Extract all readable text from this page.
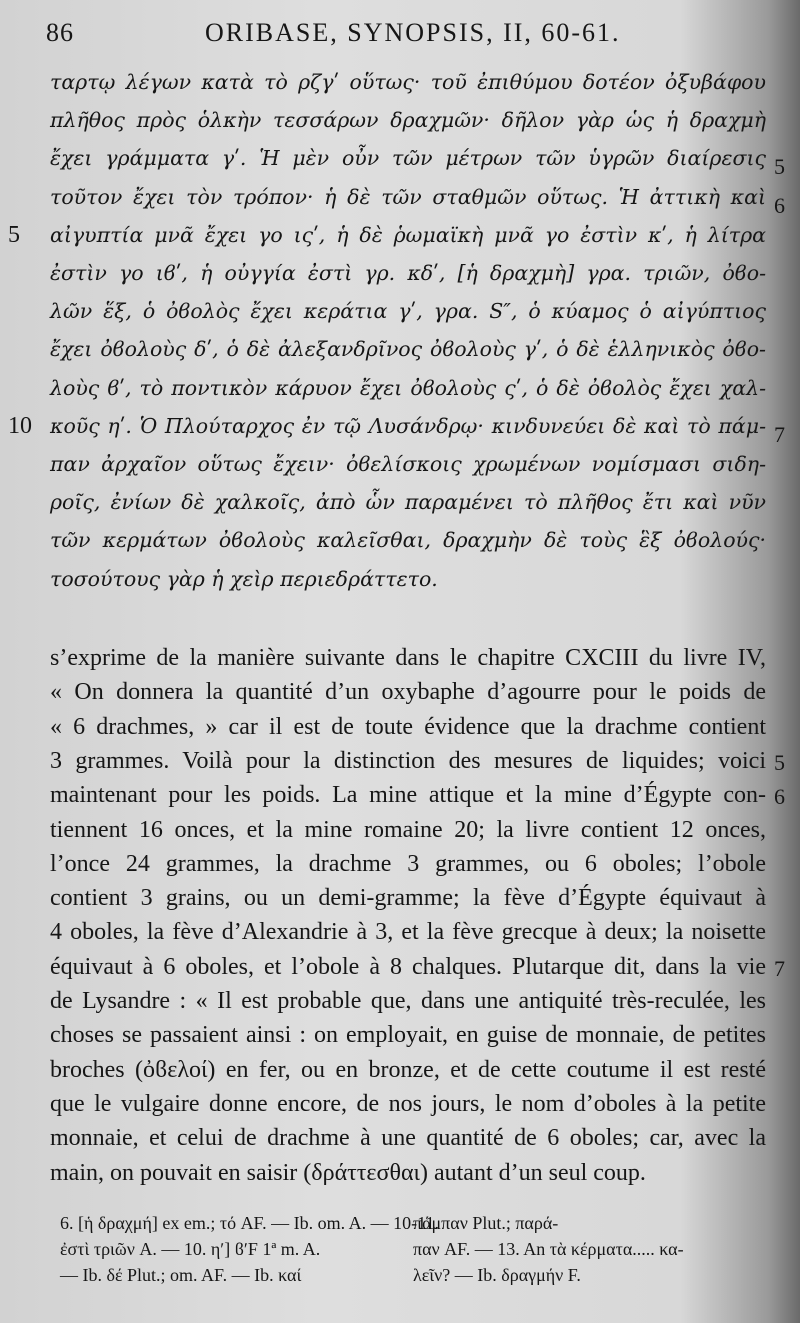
86	ORIBASE, SYNOPSIS, II, 60-61.
ταρτῳ λέγων κατὰ τὸ ρζγʹ οὕτως· τοῦ ἐπιθύμου δοτέον ὀξυβάφου
πλῆθος πρὸς ὁλκὴν τεσσάρων δραχμῶν· δῆλον γὰρ ὡς ἡ δραχμὴ
ἔχει γράμματα γʹ. Ἡ μὲν οὖν τῶν μέτρων τῶν ὑγρῶν διαίρεσις 5
τοῦτον ἔχει τὸν τρόπον· ἡ δὲ τῶν σταθμῶν οὕτως. Ἡ ἀττικὴ καὶ 6
αἰγυπτία μνᾶ ἔχει γο ιςʹ, ἡ δὲ ῥωμαϊκὴ μνᾶ γο ἐστὶν κʹ, ἡ λίτρα
5
ἐστὶν γο ιϐʹ, ἡ οὐγγία ἐστὶ γρ. κδʹ, [ἡ δραχμὴ] γρα. τριῶν, ὀϐο-
λῶν ἕξ, ὁ ὀϐολὸς ἔχει κεράτια γʹ, γρα. S″, ὁ κύαμος ὁ αἰγύπτιος
ἔχει ὀϐολοὺς δʹ, ὁ δὲ ἀλεξανδρῖνος ὀϐολοὺς γʹ, ὁ δὲ ἑλληνικὸς ὀϐο-
λοὺς ϐʹ, τὸ ποντικὸν κάρυον ἔχει ὀϐολοὺς ςʹ, ὁ δὲ ὀϐολὸς ἔχει χαλ-
κοῦς ηʹ. Ὁ Πλούταρχος ἐν τῷ Λυσάνδρῳ· κινδυνεύει δὲ καὶ τὸ πάμ-
10	7
παν ἀρχαῖον οὕτως ἔχειν· ὀϐελίσκοις χρωμένων νομίσμασι σιδη-
ροῖς, ἐνίων δὲ χαλκοῖς, ἀπὸ ὧν παραμένει τὸ πλῆθος ἔτι καὶ νῦν
τῶν κερμάτων ὀϐολοὺς καλεῖσθαι, δραχμὴν δὲ τοὺς ἓξ ὀϐολούς·
τοσούτους γὰρ ἡ χεὶρ περιεδράττετο.
s’exprime de la manière suivante dans le chapitre CXCIII du livre IV,
« On donnera la quantité d’un oxybaphe d’agourre pour le poids de
« 6 drachmes, » car il est de toute évidence que la drachme contient
3 grammes. Voilà pour la distinction des mesures de liquides; voici 5
maintenant pour les poids. La mine attique et la mine d’Égypte con- 6
tiennent 16 onces, et la mine romaine 20; la livre contient 12 onces,
l’once 24 grammes, la drachme 3 grammes, ou 6 oboles; l’obole
contient 3 grains, ou un demi-gramme; la fève d’Égypte équivaut à
4 oboles, la fève d’Alexandrie à 3, et la fève grecque à deux; la noisette
équivaut à 6 oboles, et l’obole à 8 chalques. Plutarque dit, dans la vie 7
de Lysandre : « Il est probable que, dans une antiquité très-reculée, les
choses se passaient ainsi : on employait, en guise de monnaie, de petites
broches (ὀϐελοί) en fer, ou en bronze, et de cette coutume il est resté
que le vulgaire donne encore, de nos jours, le nom d’oboles à la petite
monnaie, et celui de drachme à une quantité de 6 oboles; car, avec la
main, on pouvait en saisir (δράττεσθαι) autant d’un seul coup.
6. [ἡ δραχμή] ex em.; τό AF. — Ib. om. A. — 10-11.
πάμπαν Plut.; παρά-
ἐστὶ τριῶν A. — 10. ηʹ] ϐʹF 1ª m. A.	παν AF. — 13. An τὰ κέρματα..... κα-
— Ib. δέ Plut.; om. AF. — Ib. καί	λεῖν? — Ib. δραγμήν F.
